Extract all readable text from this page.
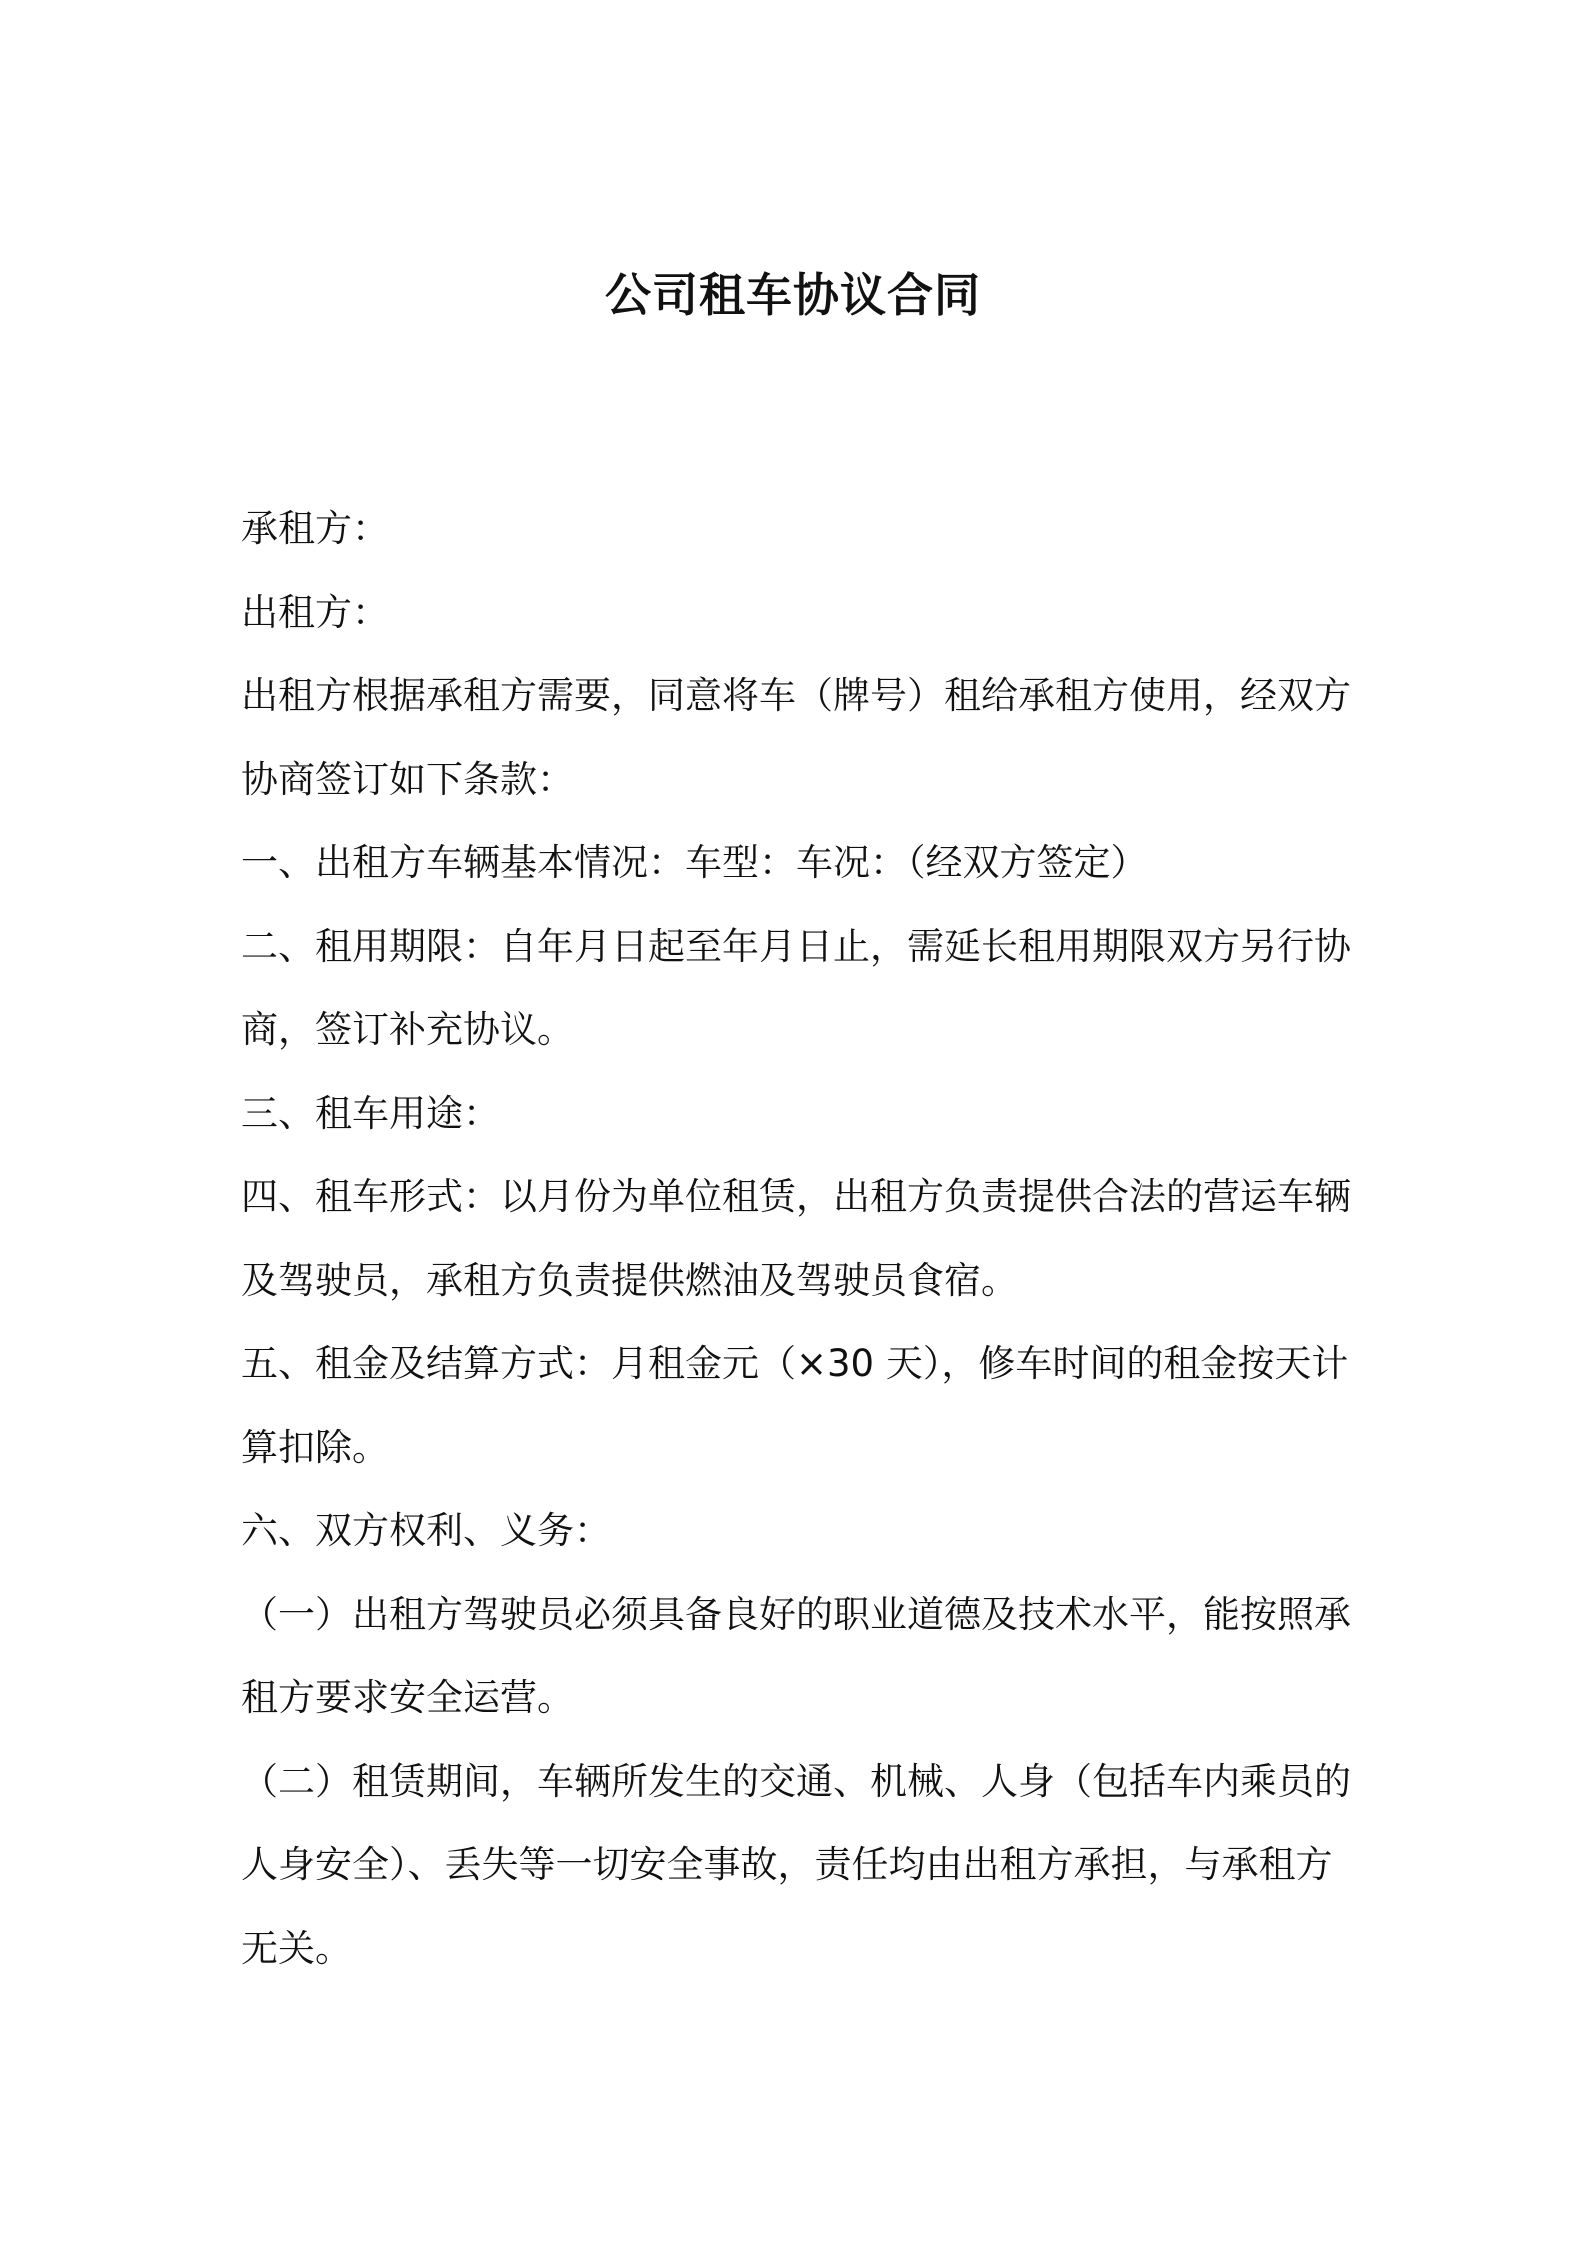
公司租车协议合同
承租方：
出租方：
出租方根据承租方需要，同意将车（牌号）租给承租方使用，经双方
协商签订如下条款：
一、出租方车辆基本情况：车型：车况：（经双方签定）
二、租用期限：自年月日起至年月日止，需延长租用期限双方另行协
商，签订补充协议。
三、租车用途：
四、租车形式：以月份为单位租赁，出租方负责提供合法的营运车辆
及驾驶员，承租方负责提供燃油及驾驶员食宿。
五、租金及结算方式：月租金元（×30 天），修车时间的租金按天计
算扣除。
六、双方权利、义务：
（一）出租方驾驶员必须具备良好的职业道德及技术水平，能按照承
租方要求安全运营。
（二）租赁期间，车辆所发生的交通、机械、人身（包括车内乘员的
人身安全）、丢失等一切安全事故，责任均由出租方承担，与承租方
无关。
